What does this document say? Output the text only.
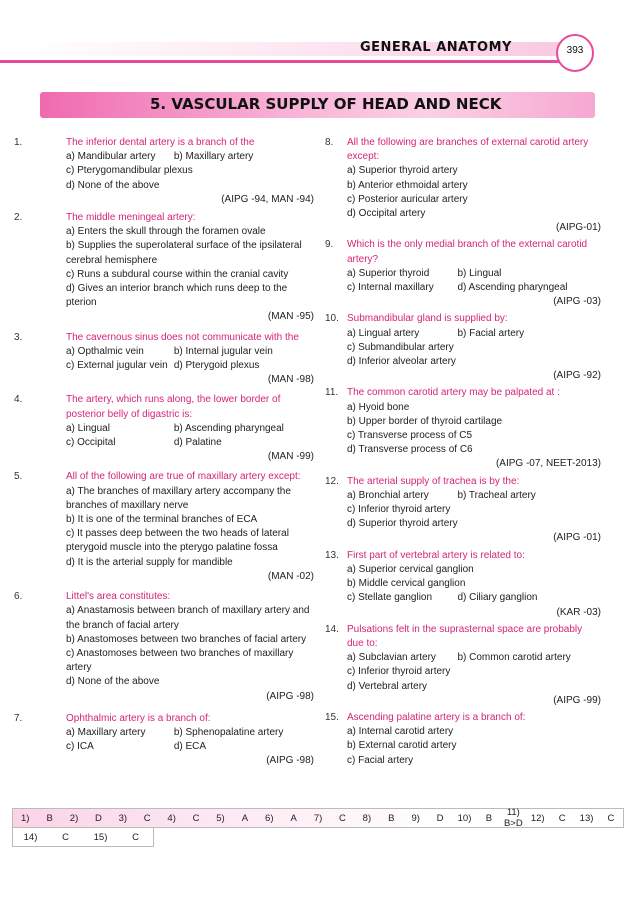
GENERAL ANATOMY	393
5. VASCULAR SUPPLY OF HEAD AND NECK
1.	The inferior dental artery is a branch of the
a) Mandibular artery	b) Maxillary artery
c) Pterygomandibular plexus
d) None of the above
(AIPG -94, MAN -94)
2.	The middle meningeal artery:
a) Enters the skull through the foramen ovale
b) Supplies the superolateral surface of the ipsilateral cerebral hemisphere
c) Runs a subdural course within the cranial cavity
d) Gives an interior branch which runs deep to the pterion
(MAN -95)
3.	The cavernous sinus does not communicate with the
a) Opthalmic vein	b) Internal jugular vein
c) External jugular vein d) Pterygoid plexus
(MAN -98)
4.	The artery, which runs along, the lower border of posterior belly of digastric is:
a) Lingual	b) Ascending pharyngeal
c) Occipital	d) Palatine
(MAN -99)
5.	All of the following are true of maxillary artery except:
a) The branches of maxillary artery accompany the branches of maxillary nerve
b) It is one of the terminal branches of ECA
c) It passes deep between the two heads of lateral pterygoid muscle into the pterygo palatine fossa
d) It is the arterial supply for mandible
(MAN -02)
6.	Littel's area constitutes:
a) Anastamosis between branch of maxillary artery and the branch of facial artery
b) Anastomoses between two branches of facial artery
c) Anastomoses between two branches of maxillary artery
d) None of the above
(AIPG -98)
7.	Ophthalmic artery is a branch of:
a) Maxillary artery	b) Sphenopalatine artery
c) ICA	d) ECA
(AIPG -98)
8. All the following are branches of external carotid artery except:
a) Superior thyroid artery
b) Anterior ethmoidal artery
c) Posterior auricular artery
d) Occipital artery
(AIPG-01)
9. Which is the only medial branch of the external carotid artery?
a) Superior thyroid	b) Lingual
c) Internal maxillary	d) Ascending pharyngeal
(AIPG -03)
10. Submandibular gland is supplied by:
a) Lingual artery	b) Facial artery
c) Submandibular artery
d) Inferior alveolar artery
(AIPG -92)
11. The common carotid artery may be palpated at :
a) Hyoid bone
b) Upper border of thyroid cartilage
c) Transverse process of C5
d) Transverse process of C6
(AIPG -07, NEET-2013)
12. The arterial supply of trachea is by the:
a) Bronchial artery	b) Tracheal artery
c) Inferior thyroid artery
d) Superior thyroid artery
(AIPG -01)
13. First part of vertebral artery is related to:
a) Superior cervical ganglion
b) Middle cervical ganglion
c) Stellate ganglion	d) Ciliary ganglion
(KAR -03)
14. Pulsations felt in the suprasternal space are probably due to:
a) Subclavian artery	b) Common carotid artery
c) Inferior thyroid artery
d) Vertebral artery
(AIPG -99)
15. Ascending palatine artery is a branch of:
a) Internal carotid artery
b) External carotid artery
c) Facial artery
1)	B	2)	D	3)	C	4)	C	5)	A	6)	A	7)	C	8)	B	9)	D	10)	B	11) B>D 12)	C	13)	C
14)	C	15)	C
